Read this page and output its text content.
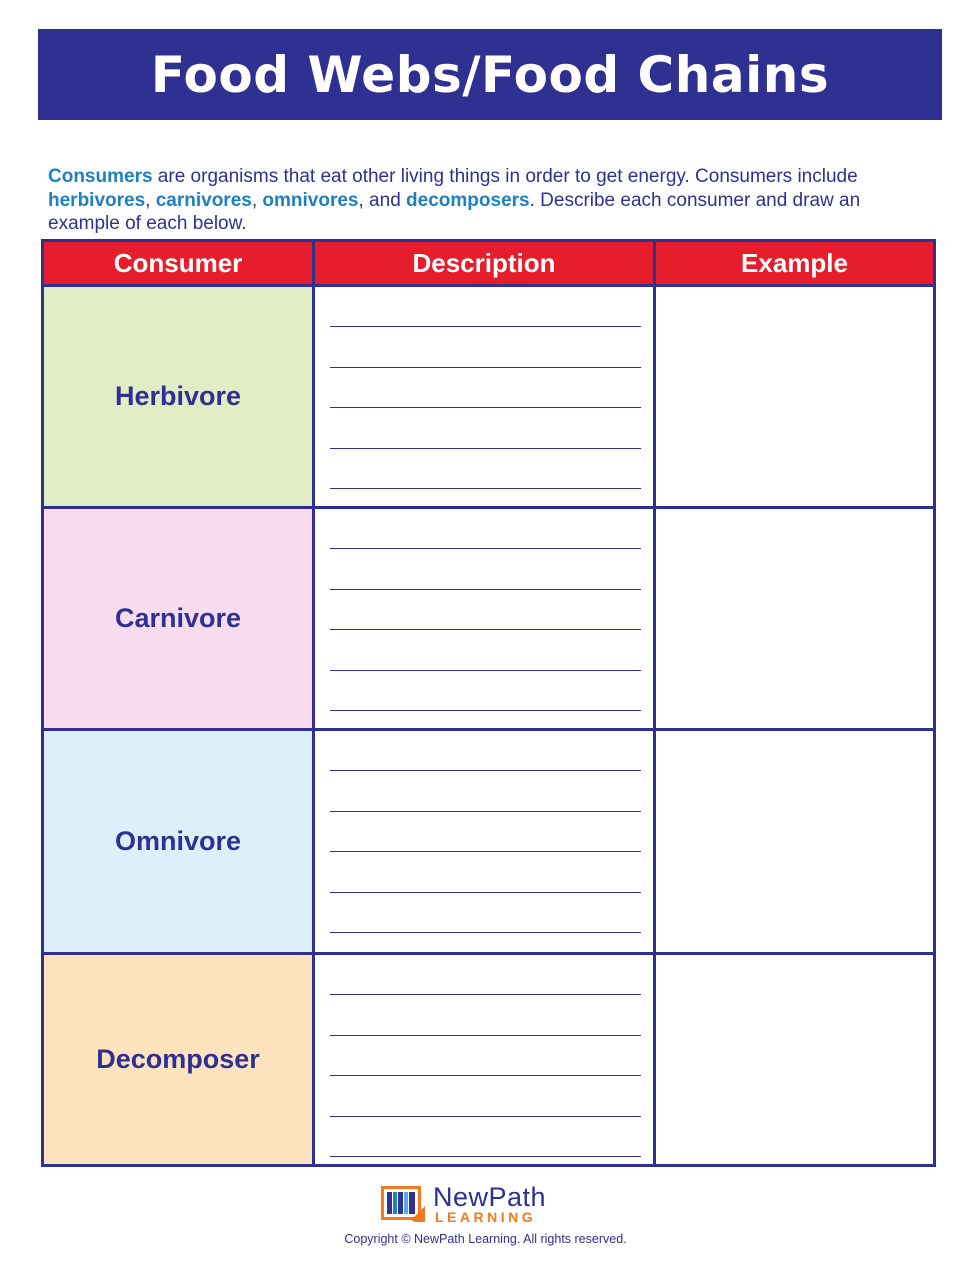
Food Webs/Food Chains

Consumers are organisms that eat other living things in order to get energy. Consumers include herbivores, carnivores, omnivores, and decomposers. Describe each consumer and draw an example of each below.

Consumer	Description	Example
Herbivore
Carnivore
Omnivore
Decomposer
NewPath
LEARNING
Copyright © NewPath Learning. All rights reserved.
